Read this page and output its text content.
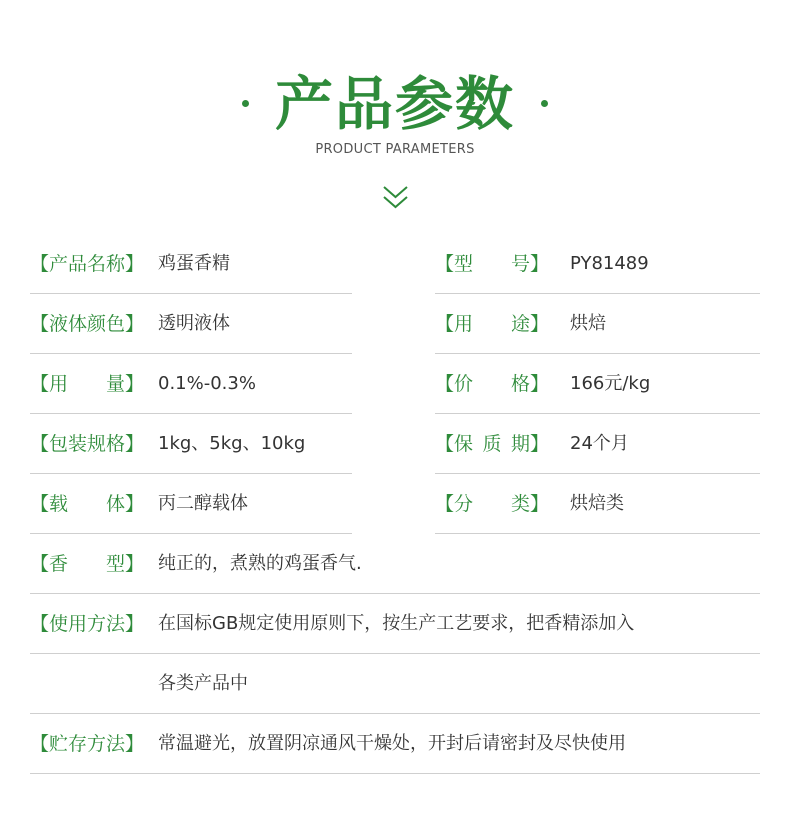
产品参数
PRODUCT PARAMETERS
【产品名称】 鸡蛋香精	【型号】 PY81489
【液体颜色】 透明液体	【用途】 烘焙
【用量】 0.1%-0.3%	【价格】 166元/kg
【包装规格】 1kg、5kg、10kg	【保质期】 24个月
【载体】 丙二醇载体	【分类】 烘焙类
【香型】 纯正的，煮熟的鸡蛋香气.
【使用方法】 在国标GB规定使用原则下，按生产工艺要求，把香精添加入
各类产品中
【贮存方法】 常温避光，放置阴凉通风干燥处，开封后请密封及尽快使用
